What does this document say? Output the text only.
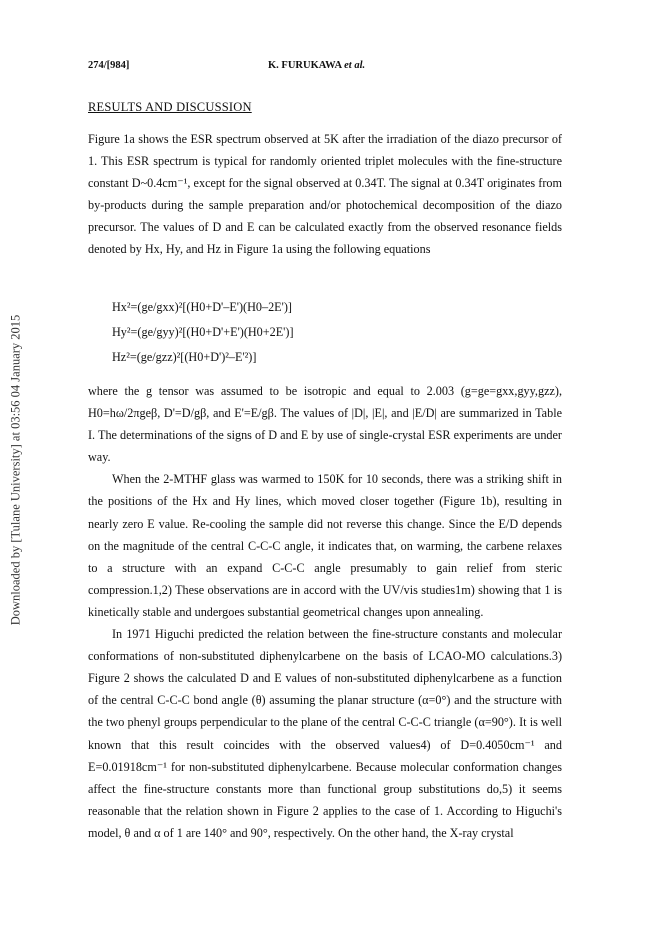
Downloaded by [Tulane University] at 03:56 04 January 2015
274/[984]	K. FURUKAWA et al.
RESULTS AND DISCUSSION

Figure 1a shows the ESR spectrum observed at 5K after the irradiation of the diazo precursor of 1. This ESR spectrum is typical for randomly oriented triplet molecules with the fine-structure constant D~0.4cm⁻¹, except for the signal observed at 0.34T. The signal at 0.34T originates from by-products during the sample preparation and/or photochemical decomposition of the diazo precursor. The values of D and E can be calculated exactly from the observed resonance fields denoted by Hx, Hy, and Hz in Figure 1a using the following equations

Hx²=(ge/gxx)²[(H0+D'–E')(H0–2E')]
Hy²=(ge/gyy)²[(H0+D'+E')(H0+2E')]
Hz²=(ge/gzz)²[(H0+D')²–E'²)]

where the g tensor was assumed to be isotropic and equal to 2.003 (g=ge=gxx,gyy,gzz), H0=hω/2πgeβ, D'=D/gβ, and E'=E/gβ. The values of |D|, |E|, and |E/D| are summarized in Table I. The determinations of the signs of D and E by use of single-crystal ESR experiments are under way.

When the 2-MTHF glass was warmed to 150K for 10 seconds, there was a striking shift in the positions of the Hx and Hy lines, which moved closer together (Figure 1b), resulting in nearly zero E value. Re-cooling the sample did not reverse this change. Since the E/D depends on the magnitude of the central C-C-C angle, it indicates that, on warming, the carbene relaxes to a structure with an expand C-C-C angle presumably to gain relief from steric compression.1,2) These observations are in accord with the UV/vis studies1m) showing that 1 is kinetically stable and undergoes substantial geometrical changes upon annealing.

In 1971 Higuchi predicted the relation between the fine-structure constants and molecular conformations of non-substituted diphenylcarbene on the basis of LCAO-MO calculations.3) Figure 2 shows the calculated D and E values of non-substituted diphenylcarbene as a function of the central C-C-C bond angle (θ) assuming the planar structure (α=0°) and the structure with the two phenyl groups perpendicular to the plane of the central C-C-C triangle (α=90°). It is well known that this result coincides with the observed values4) of D=0.4050cm⁻¹ and E=0.01918cm⁻¹ for non-substituted diphenylcarbene. Because molecular conformation changes affect the fine-structure constants more than functional group substitutions do,5) it seems reasonable that the relation shown in Figure 2 applies to the case of 1. According to Higuchi's model, θ and α of 1 are 140° and 90°, respectively. On the other hand, the X-ray crystal
